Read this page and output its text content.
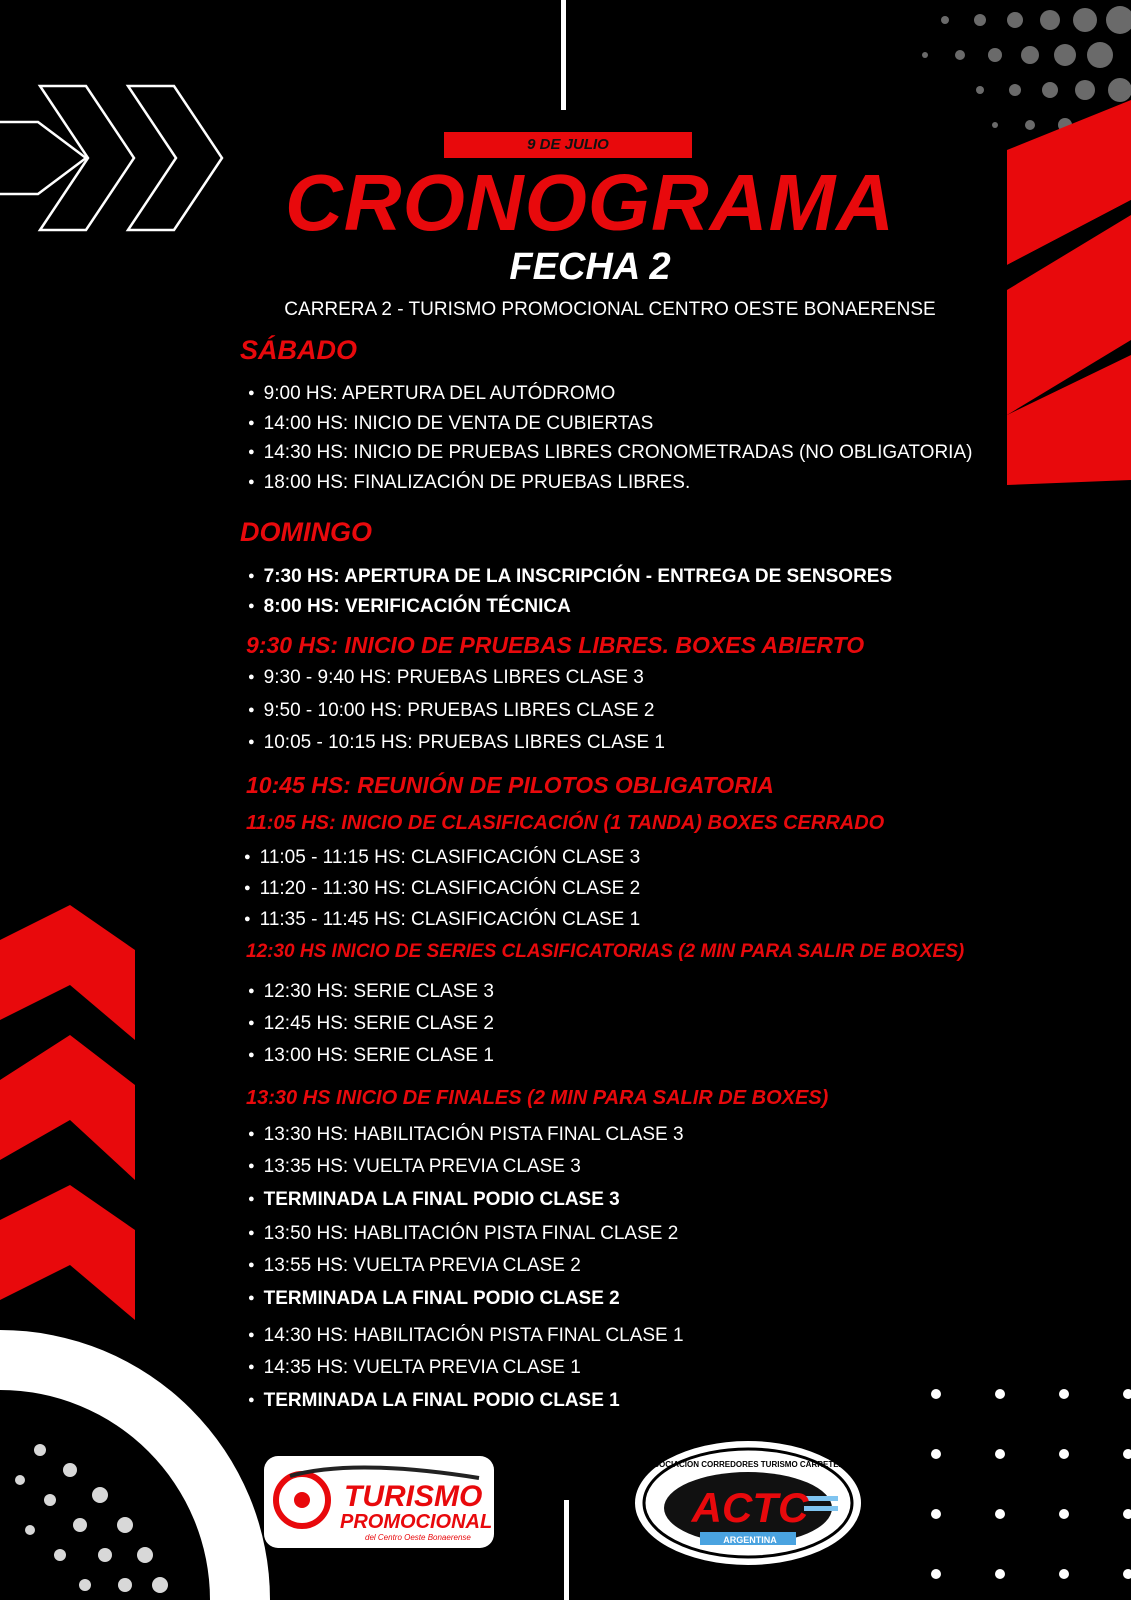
9 DE JULIO
CRONOGRAMA
FECHA 2
CARRERA 2 - TURISMO PROMOCIONAL CENTRO OESTE BONAERENSE
SÁBADO
● 9:00 HS: APERTURA DEL AUTÓDROMO
● 14:00 HS: INICIO DE VENTA DE CUBIERTAS
● 14:30 HS: INICIO DE PRUEBAS LIBRES CRONOMETRADAS (NO OBLIGATORIA)
● 18:00 HS: FINALIZACIÓN DE PRUEBAS LIBRES.
DOMINGO
● 7:30 HS: APERTURA DE LA INSCRIPCIÓN - ENTREGA DE SENSORES
● 8:00 HS: VERIFICACIÓN TÉCNICA
9:30 HS: INICIO DE PRUEBAS LIBRES. BOXES ABIERTO
● 9:30 - 9:40 HS: PRUEBAS LIBRES CLASE 3
● 9:50 - 10:00 HS: PRUEBAS LIBRES CLASE 2
● 10:05 - 10:15 HS: PRUEBAS LIBRES CLASE 1
10:45 HS: REUNIÓN DE PILOTOS OBLIGATORIA
11:05 HS: INICIO DE CLASIFICACIÓN (1 TANDA) BOXES CERRADO
● 11:05 - 11:15 HS: CLASIFICACIÓN CLASE 3
● 11:20 - 11:30 HS: CLASIFICACIÓN CLASE 2
● 11:35 - 11:45 HS: CLASIFICACIÓN CLASE 1
12:30 HS INICIO DE SERIES CLASIFICATORIAS (2 MIN PARA SALIR DE BOXES)
● 12:30 HS: SERIE CLASE 3
● 12:45 HS: SERIE CLASE 2
● 13:00 HS: SERIE CLASE 1
13:30 HS INICIO DE FINALES (2 MIN PARA SALIR DE BOXES)
● 13:30 HS: HABILITACIÓN PISTA FINAL CLASE 3
● 13:35 HS: VUELTA PREVIA CLASE 3
● TERMINADA LA FINAL PODIO CLASE 3
● 13:50 HS: HABLITACIÓN PISTA FINAL CLASE 2
● 13:55 HS: VUELTA PREVIA CLASE 2
● TERMINADA LA FINAL PODIO CLASE 2
● 14:30 HS: HABILITACIÓN PISTA FINAL CLASE 1
● 14:35 HS: VUELTA PREVIA CLASE 1
● TERMINADA LA FINAL PODIO CLASE 1
TURISMO
PROMOCIONAL
del Centro Oeste Bonaerense
ASOCIACION CORREDORES TURISMO CARRETERA
ACTC
ARGENTINA
